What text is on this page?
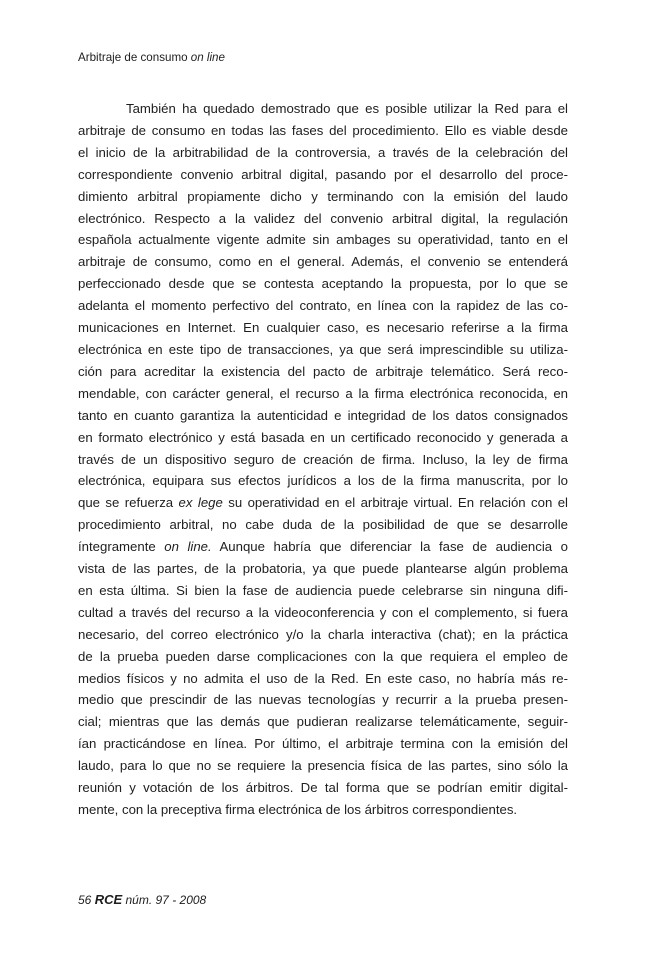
Arbitraje de consumo on line
También ha quedado demostrado que es posible utilizar la Red para el
arbitraje de consumo en todas las fases del procedimiento. Ello es viable desde
el inicio de la arbitrabilidad de la controversia, a través de la celebración del
correspondiente convenio arbitral digital, pasando por el desarrollo del proce-
dimiento arbitral propiamente dicho y terminando con la emisión del laudo
electrónico. Respecto a la validez del convenio arbitral digital, la regulación
española actualmente vigente admite sin ambages su operatividad, tanto en el
arbitraje de consumo, como en el general. Además, el convenio se entenderá
perfeccionado desde que se contesta aceptando la propuesta, por lo que se
adelanta el momento perfectivo del contrato, en línea con la rapidez de las co-
municaciones en Internet. En cualquier caso, es necesario referirse a la firma
electrónica en este tipo de transacciones, ya que será imprescindible su utiliza-
ción para acreditar la existencia del pacto de arbitraje telemático. Será reco-
mendable, con carácter general, el recurso a la firma electrónica reconocida, en
tanto en cuanto garantiza la autenticidad e integridad de los datos consignados
en formato electrónico y está basada en un certificado reconocido y generada a
través de un dispositivo seguro de creación de firma. Incluso, la ley de firma
electrónica, equipara sus efectos jurídicos a los de la firma manuscrita, por lo
que se refuerza ex lege su operatividad en el arbitraje virtual. En relación con el
procedimiento arbitral, no cabe duda de la posibilidad de que se desarrolle
íntegramente on line. Aunque habría que diferenciar la fase de audiencia o
vista de las partes, de la probatoria, ya que puede plantearse algún problema
en esta última. Si bien la fase de audiencia puede celebrarse sin ninguna difi-
cultad a través del recurso a la videoconferencia y con el complemento, si fuera
necesario, del correo electrónico y/o la charla interactiva (chat); en la práctica
de la prueba pueden darse complicaciones con la que requiera el empleo de
medios físicos y no admita el uso de la Red. En este caso, no habría más re-
medio que prescindir de las nuevas tecnologías y recurrir a la prueba presen-
cial; mientras que las demás que pudieran realizarse telemáticamente, seguir-
ían practicándose en línea. Por último, el arbitraje termina con la emisión del
laudo, para lo que no se requiere la presencia física de las partes, sino sólo la
reunión y votación de los árbitros. De tal forma que se podrían emitir digital-
mente, con la preceptiva firma electrónica de los árbitros correspondientes.
56 RCE núm. 97 - 2008
